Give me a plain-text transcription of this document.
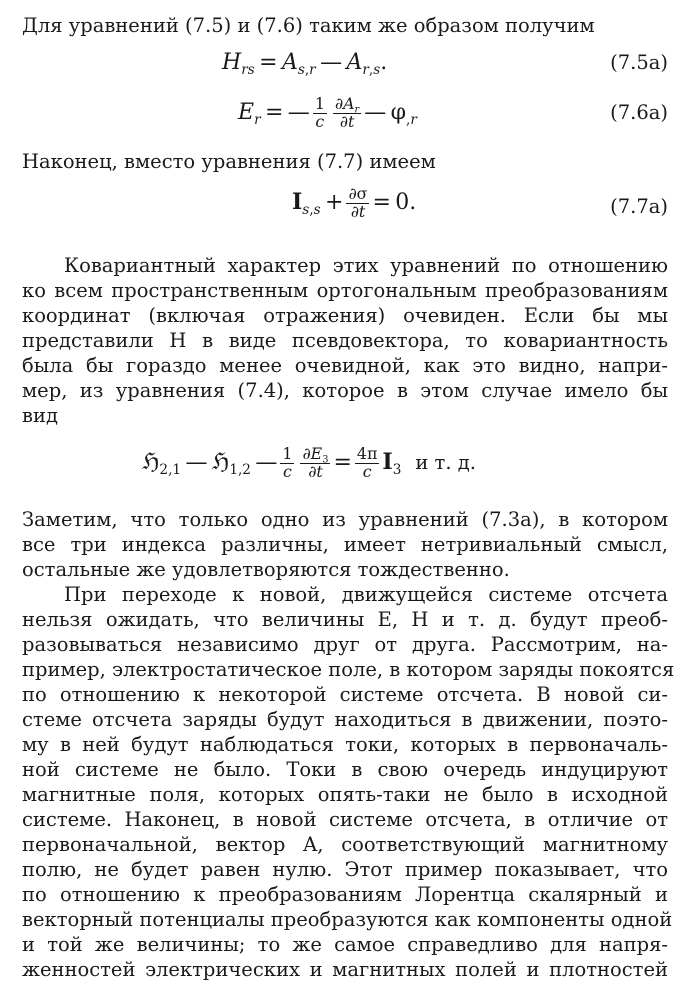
Для уравнений (7.5) и (7.6) таким же образом получим
$H_{rs} = A_{s,r}$ — $A_{r,s}$.	(7.5а)
$E_r$ = — $\frac{1}{c} \frac{\partial A_r}{\partial t}$ — $\varphi_{,r}$	(7.6а)
Наконец, вместо уравнения (7.7) имеем
$I_{s,s} + \frac{\partial\sigma}{\partial t} = 0$.	(7.7а)
Ковариантный характер этих уравнений по отношению
ко всем пространственным ортогональным преобразованиям
координат (включая отражения) очевиден. Если бы мы
представили H в виде псевдовектора, то ковариантность
была бы гораздо менее очевидной, как это видно, напри-
мер, из уравнения (7.4), которое в этом случае имело бы
вид
ℌ$_{2,1}$ — ℌ$_{1,2}$ — $\frac{1}{c} \frac{\partial E_3}{\partial t} = \frac{4\pi}{c} I_3$ и т. д.
Заметим, что только одно из уравнений (7.3а), в котором
все три индекса различны, имеет нетривиальный смысл,
остальные же удовлетворяются тождественно.
При переходе к новой, движущейся системе отсчета
нельзя ожидать, что величины E, H и т. д. будут преоб-
разовываться независимо друг от друга. Рассмотрим, на-
пример, электростатическое поле, в котором заряды покоятся
по отношению к некоторой системе отсчета. В новой си-
стеме отсчета заряды будут находиться в движении, поэто-
му в ней будут наблюдаться токи, которых в первоначаль-
ной системе не было. Токи в свою очередь индуцируют
магнитные поля, которых опять-таки не было в исходной
системе. Наконец, в новой системе отсчета, в отличие от
первоначальной, вектор A, соответствующий магнитному
полю, не будет равен нулю. Этот пример показывает, что
по отношению к преобразованиям Лорентца скалярный и
векторный потенциалы преобразуются как компоненты одной
и той же величины; то же самое справедливо для напря-
женностей электрических и магнитных полей и плотностей
